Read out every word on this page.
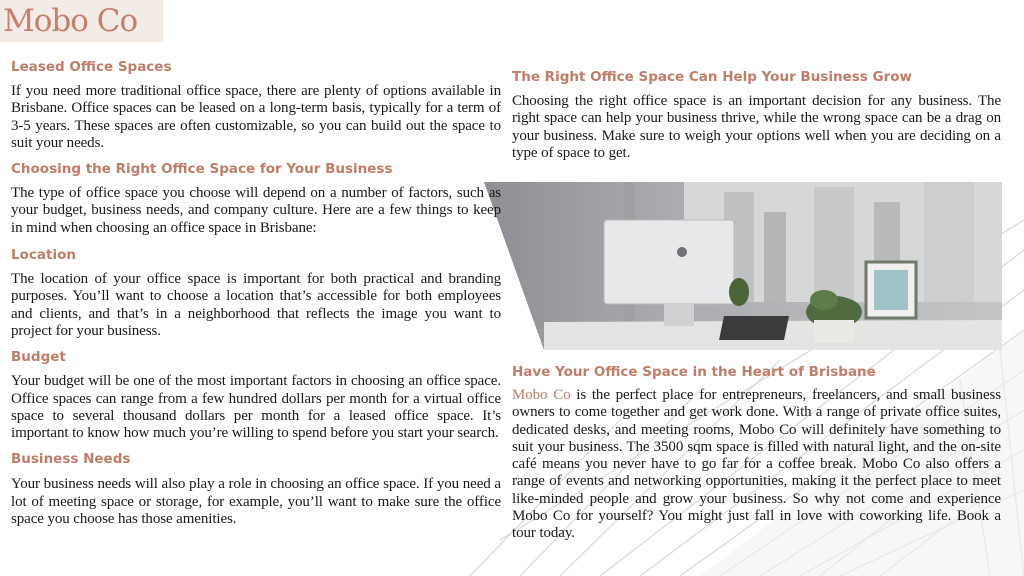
Mobo Co
Leased Office Spaces

If you need more traditional office space, there are plenty of options available in Brisbane. Office spaces can be leased on a long-term basis, typically for a term of 3-5 years. These spaces are often customizable, so you can build out the space to suit your needs.

Choosing the Right Office Space for Your Business

The type of office space you choose will depend on a number of factors, such as your budget, business needs, and company culture. Here are a few things to keep in mind when choosing an office space in Brisbane:

Location

The location of your office space is important for both practical and branding purposes. You’ll want to choose a location that’s accessible for both employees and clients, and that’s in a neighborhood that reflects the image you want to project for your business.

Budget

Your budget will be one of the most important factors in choosing an office space. Office spaces can range from a few hundred dollars per month for a virtual office space to several thousand dollars per month for a leased office space. It’s important to know how much you’re willing to spend before you start your search.

Business Needs

Your business needs will also play a role in choosing an office space. If you need a lot of meeting space or storage, for example, you’ll want to make sure the office space you choose has those amenities.

The Right Office Space Can Help Your Business Grow

Choosing the right office space is an important decision for any business. The right space can help your business thrive, while the wrong space can be a drag on your business. Make sure to weigh your options well when you are deciding on a type of space to get.

Have Your Office Space in the Heart of Brisbane

Mobo Co is the perfect place for entrepreneurs, freelancers, and small business owners to come together and get work done. With a range of private office suites, dedicated desks, and meeting rooms, Mobo Co will definitely have something to suit your business. The 3500 sqm space is filled with natural light, and the on-site café means you never have to go far for a coffee break. Mobo Co also offers a range of events and networking opportunities, making it the perfect place to meet like-minded people and grow your business. So why not come and experience Mobo Co for yourself? You might just fall in love with coworking life. Book a tour today.
